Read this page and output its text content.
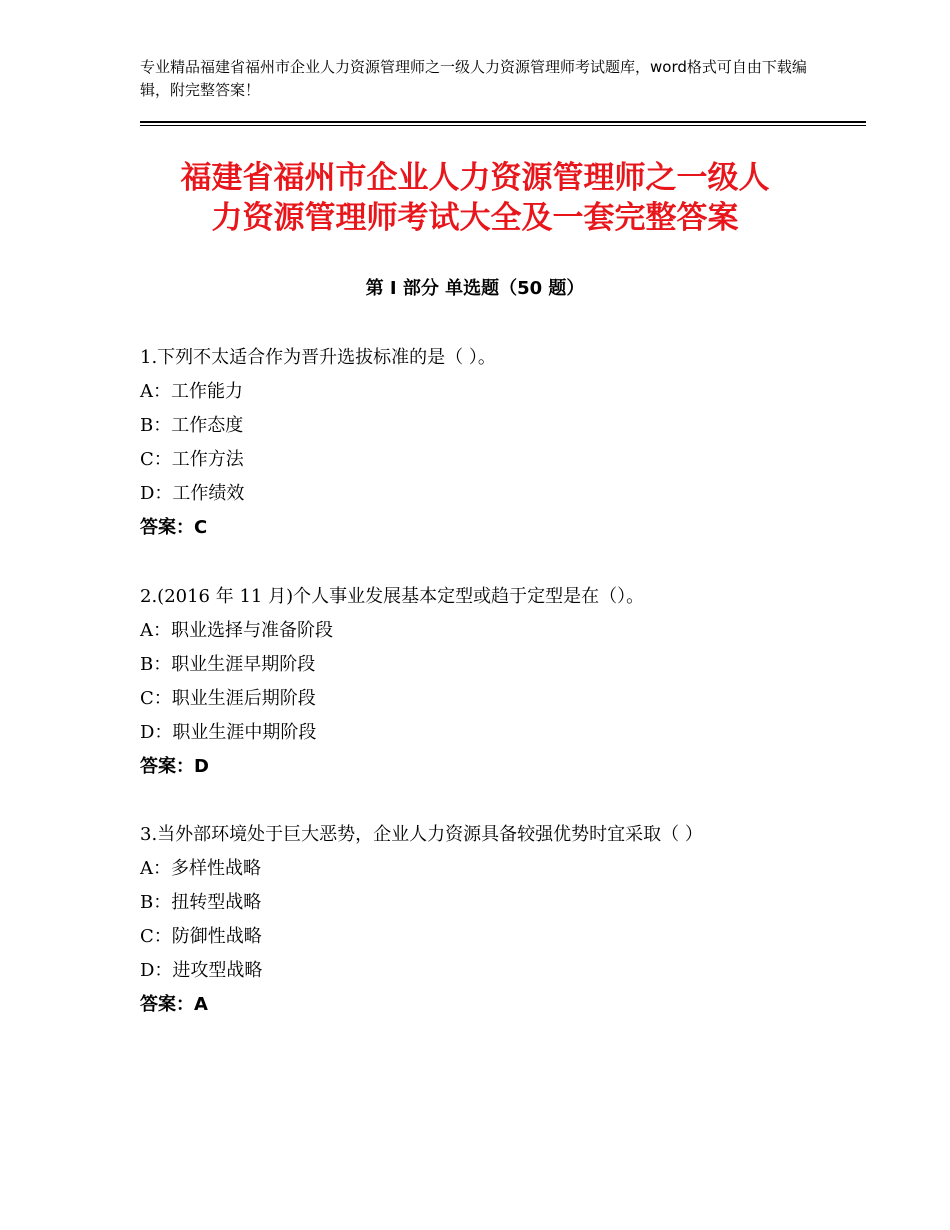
专业精品福建省福州市企业人力资源管理师之一级人力资源管理师考试题库，word格式可自由下载编辑，附完整答案！
福建省福州市企业人力资源管理师之一级人
力资源管理师考试大全及一套完整答案
第 I 部分 单选题（50 题）

1.下列不太适合作为晋升选拔标准的是（ ）。

A：工作能力

B：工作态度

C：工作方法

D：工作绩效

答案：C

2.(2016 年 11 月)个人事业发展基本定型或趋于定型是在（）。

A：职业选择与准备阶段

B：职业生涯早期阶段

C：职业生涯后期阶段

D：职业生涯中期阶段

答案：D

3.当外部环境处于巨大恶势，企业人力资源具备较强优势时宜采取（ ）

A：多样性战略

B：扭转型战略

C：防御性战略

D：进攻型战略

答案：A
